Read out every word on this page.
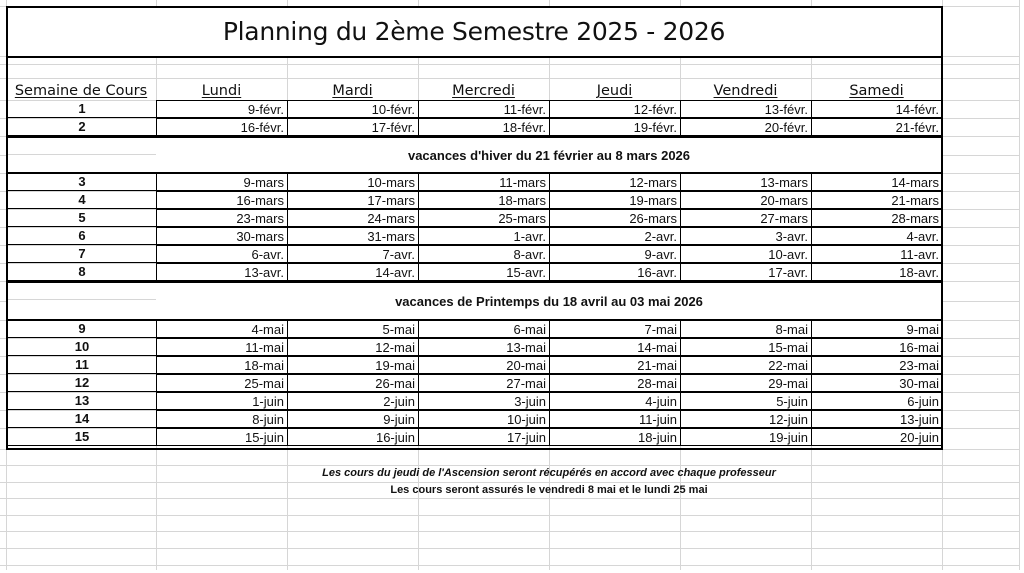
Planning du 2ème Semestre 2025 - 2026
Semaine de Cours	Lundi	Mardi	Mercredi	Jeudi	Vendredi	Samedi
1	9-févr.	10-févr.	11-févr.	12-févr.	13-févr.	14-févr.
2	16-févr.	17-févr.	18-févr.	19-févr.	20-févr.	21-févr.
3	9-mars	10-mars	11-mars	12-mars	13-mars	14-mars
4	16-mars	17-mars	18-mars	19-mars	20-mars	21-mars
5	23-mars	24-mars	25-mars	26-mars	27-mars	28-mars
6	30-mars	31-mars	1-avr.	2-avr.	3-avr.	4-avr.
7	6-avr.	7-avr.	8-avr.	9-avr.	10-avr.	11-avr.
8	13-avr.	14-avr.	15-avr.	16-avr.	17-avr.	18-avr.
9	4-mai	5-mai	6-mai	7-mai	8-mai	9-mai
10	11-mai	12-mai	13-mai	14-mai	15-mai	16-mai
11	18-mai	19-mai	20-mai	21-mai	22-mai	23-mai
12	25-mai	26-mai	27-mai	28-mai	29-mai	30-mai
13	1-juin	2-juin	3-juin	4-juin	5-juin	6-juin
14	8-juin	9-juin	10-juin	11-juin	12-juin	13-juin
15	15-juin	16-juin	17-juin	18-juin	19-juin	20-juin
vacances d'hiver du 21 février au 8 mars 2026
vacances de Printemps du 18 avril au 03 mai 2026
Les cours du jeudi de l'Ascension seront récupérés en accord avec chaque professeur
Les cours seront assurés le vendredi 8 mai et le lundi 25 mai
